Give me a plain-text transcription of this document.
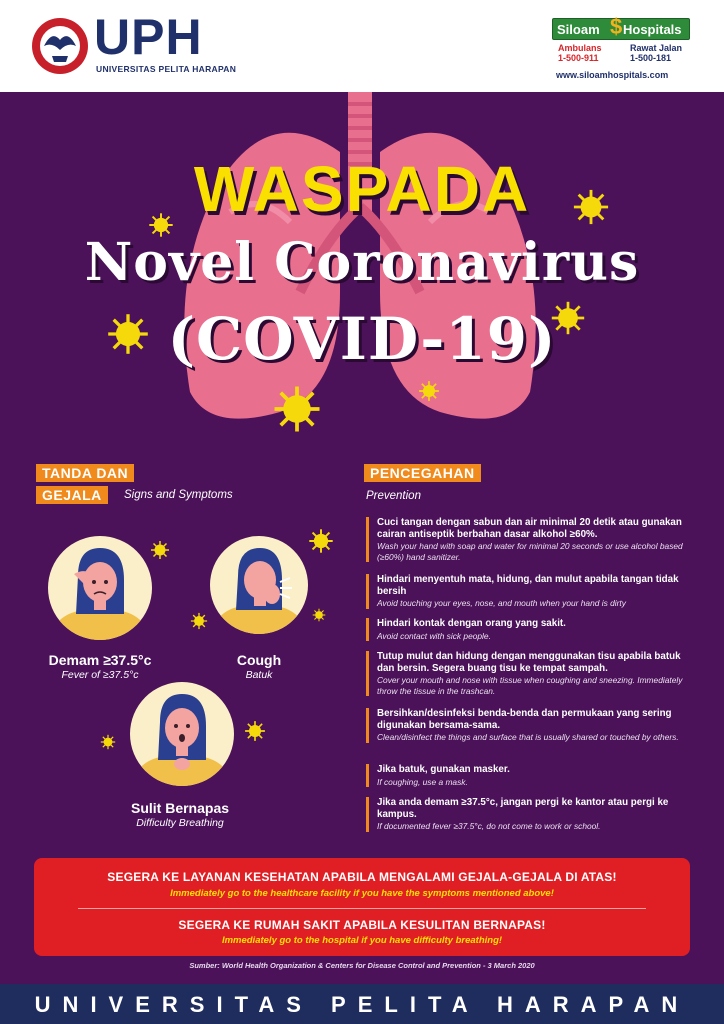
UPH
UNIVERSITAS PELITA HARAPAN
Siloam Hospitals
$
Ambulans
1-500-911
Rawat Jalan
1-500-181
www.siloamhospitals.com
WASPADA
Novel Coronavirus
(COVID-19)
TANDA DAN
GEJALA	Signs and Symptoms
Demam ≥37.5°c
Fever of ≥37.5°c
Cough
Batuk
Sulit Bernapas
Difficulty Breathing
PENCEGAHAN
Prevention
Cuci tangan dengan sabun dan air minimal 20 detik atau gunakan cairan antiseptik berbahan dasar alkohol ≥60%.
Wash your hand with soap and water for minimal 20 seconds or use alcohol based (≥60%) hand sanitizer.
Hindari menyentuh mata, hidung, dan mulut apabila tangan tidak bersih
Avoid touching your eyes, nose, and mouth when your hand is dirty
Hindari kontak dengan orang yang sakit.
Avoid contact with sick people.
Tutup mulut dan hidung dengan menggunakan tisu apabila batuk dan bersin. Segera buang tisu ke tempat sampah.
Cover your mouth and nose with tissue when coughing and sneezing. Immediately throw the tissue in the trashcan.
Bersihkan/desinfeksi benda-benda dan permukaan yang sering digunakan bersama-sama.
Clean/disinfect the things and surface that is usually shared or touched by others.
Jika batuk, gunakan masker.
If coughing, use a mask.
Jika anda demam ≥37.5°c, jangan pergi ke kantor atau pergi ke kampus.
If documented fever ≥37.5°c, do not come to work or school.
SEGERA KE LAYANAN KESEHATAN APABILA MENGALAMI GEJALA-GEJALA DI ATAS!
Immediately go to the healthcare facility if you have the symptoms mentioned above!
SEGERA KE RUMAH SAKIT APABILA KESULITAN BERNAPAS!
Immediately go to the hospital if you have difficulty breathing!
Sumber: World Health Organization & Centers for Disease Control and Prevention - 3 March 2020
UNIVERSITAS PELITA HARAPAN
